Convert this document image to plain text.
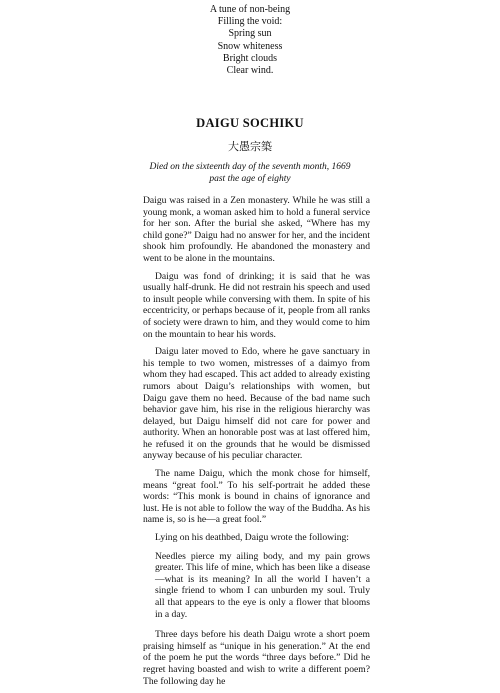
A tune of non-being
Filling the void:
Spring sun
Snow whiteness
Bright clouds
Clear wind.
DAIGU SOCHIKU
大愚宗築
Died on the sixteenth day of the seventh month, 1669
past the age of eighty

Daigu was raised in a Zen monastery. While he was still a young monk, a woman asked him to hold a funeral service for her son. After the burial she asked, “Where has my child gone?” Daigu had no answer for her, and the incident shook him profoundly. He abandoned the monastery and went to be alone in the mountains.

Daigu was fond of drinking; it is said that he was usually half-drunk. He did not restrain his speech and used to insult people while conversing with them. In spite of his eccentricity, or perhaps because of it, people from all ranks of society were drawn to him, and they would come to him on the mountain to hear his words.

Daigu later moved to Edo, where he gave sanctuary in his temple to two women, mistresses of a daimyo from whom they had escaped. This act added to already existing rumors about Daigu’s relationships with women, but Daigu gave them no heed. Because of the bad name such behavior gave him, his rise in the religious hierarchy was delayed, but Daigu himself did not care for power and authority. When an honorable post was at last offered him, he refused it on the grounds that he would be dismissed anyway because of his peculiar character.

The name Daigu, which the monk chose for himself, means “great fool.” To his self-portrait he added these words: “This monk is bound in chains of ignorance and lust. He is not able to follow the way of the Buddha. As his name is, so is he—a great fool.”

Lying on his deathbed, Daigu wrote the following:

Needles pierce my ailing body, and my pain grows greater. This life of mine, which has been like a disease—what is its meaning? In all the world I haven’t a single friend to whom I can unburden my soul. Truly all that appears to the eye is only a flower that blooms in a day.

Three days before his death Daigu wrote a short poem praising himself as “unique in his generation.” At the end of the poem he put the words “three days before.” Did he regret having boasted and wish to write a different poem? The following day he
